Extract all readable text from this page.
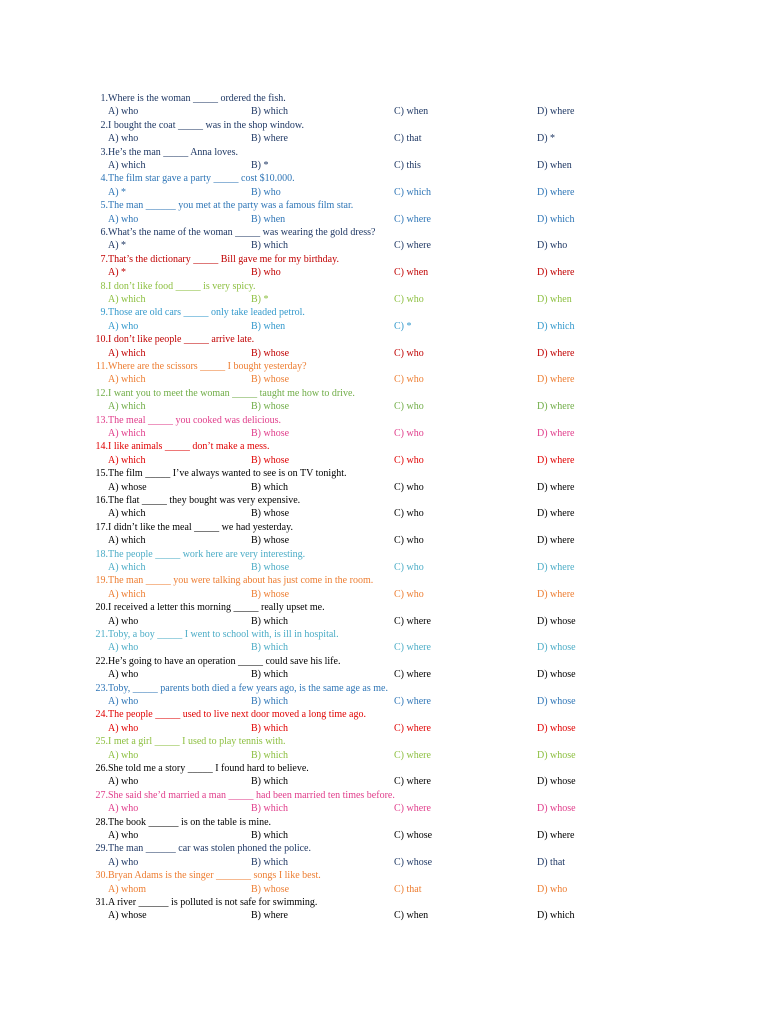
1. Where is the woman _____ ordered the fish.
A) who	B) which	C) when	D) where
2. I bought the coat _____ was in the shop window.
A) who	B) where	C) that	D) *
3. He’s the man _____ Anna loves.
A) which	B) *	C) this	D) when
4. The film star gave a party _____ cost $10.000.
A) *	B) who	C) which	D) where
5. The man ______ you met at the party was a famous film star.
A) who	B) when	C) where	D) which
6. What’s the name of the woman _____ was wearing the gold dress?
A) *	B) which	C) where	D) who
7. That’s the dictionary _____ Bill gave me for my birthday.
A) *	B) who	C) when	D) where
8. I don’t like food _____ is very spicy.
A) which	B) *	C) who	D) when
9. Those are old cars _____ only take leaded petrol.
A) who	B) when	C) *	D) which
10. I don’t like people _____ arrive late.
A) which	B) whose	C) who	D) where
11. Where are the scissors _____ I bought yesterday?
A) which	B) whose	C) who	D) where
12. I want you to meet the woman _____ taught me how to drive.
A) which	B) whose	C) who	D) where
13. The meal _____ you cooked was delicious.
A) which	B) whose	C) who	D) where
14. I like animals _____ don’t make a mess.
A) which	B) whose	C) who	D) where
15. The film _____ I’ve always wanted to see is on TV tonight.
A) whose	B) which	C) who	D) where
16. The flat _____ they bought was very expensive.
A) which	B) whose	C) who	D) where
17. I didn’t like the meal _____ we had yesterday.
A) which	B) whose	C) who	D) where
18. The people _____ work here are very interesting.
A) which	B) whose	C) who	D) where
19. The man _____ you were talking about has just come in the room.
A) which	B) whose	C) who	D) where
20. I received a letter this morning _____ really upset me.
A) who	B) which	C) where	D) whose
21. Toby, a boy _____ I went to school with, is ill in hospital.
A) who	B) which	C) where	D) whose
22. He’s going to have an operation _____ could save his life.
A) who	B) which	C) where	D) whose
23. Toby, _____ parents both died a few years ago, is the same age as me.
A) who	B) which	C) where	D) whose
24. The people _____ used to live next door moved a long time ago.
A) who	B) which	C) where	D) whose
25. I met a girl _____ I used to play tennis with.
A) who	B) which	C) where	D) whose
26. She told me a story _____ I found hard to believe.
A) who	B) which	C) where	D) whose
27. She said she’d married a man _____ had been married ten times before.
A) who	B) which	C) where	D) whose
28. The book ______ is on the table is mine.
A) who	B) which	C) whose	D) where
29. The man ______ car was stolen phoned the police.
A) who	B) which	C) whose	D) that
30. Bryan Adams is the singer _______ songs I like best.
A) whom	B) whose	C) that	D) who
31. A river ______ is polluted is not safe for swimming.
A) whose	B) where	C) when	D) which
